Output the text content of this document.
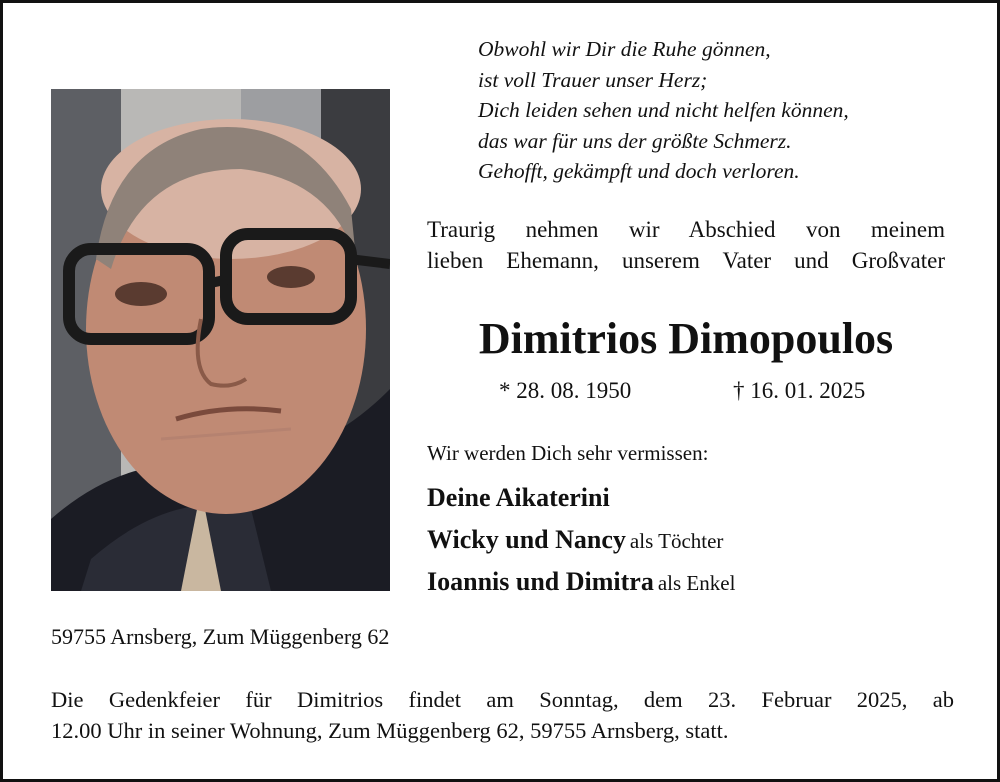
Obwohl wir Dir die Ruhe gönnen,
ist voll Trauer unser Herz;
Dich leiden sehen und nicht helfen können,
das war für uns der größte Schmerz.
Gehofft, gekämpft und doch verloren.
Traurig nehmen wir Abschied von meinem
lieben Ehemann, unserem Vater und Großvater
Dimitrios Dimopoulos
* 28. 08. 1950	† 16. 01. 2025
Wir werden Dich sehr vermissen:
Deine Aikaterini
Wicky und Nancy als Töchter
Ioannis und Dimitra als Enkel
59755 Arnsberg, Zum Müggenberg 62
Die Gedenkfeier für Dimitrios findet am Sonntag, dem 23. Februar 2025, ab
12.00 Uhr in seiner Wohnung, Zum Müggenberg 62, 59755 Arnsberg, statt.
